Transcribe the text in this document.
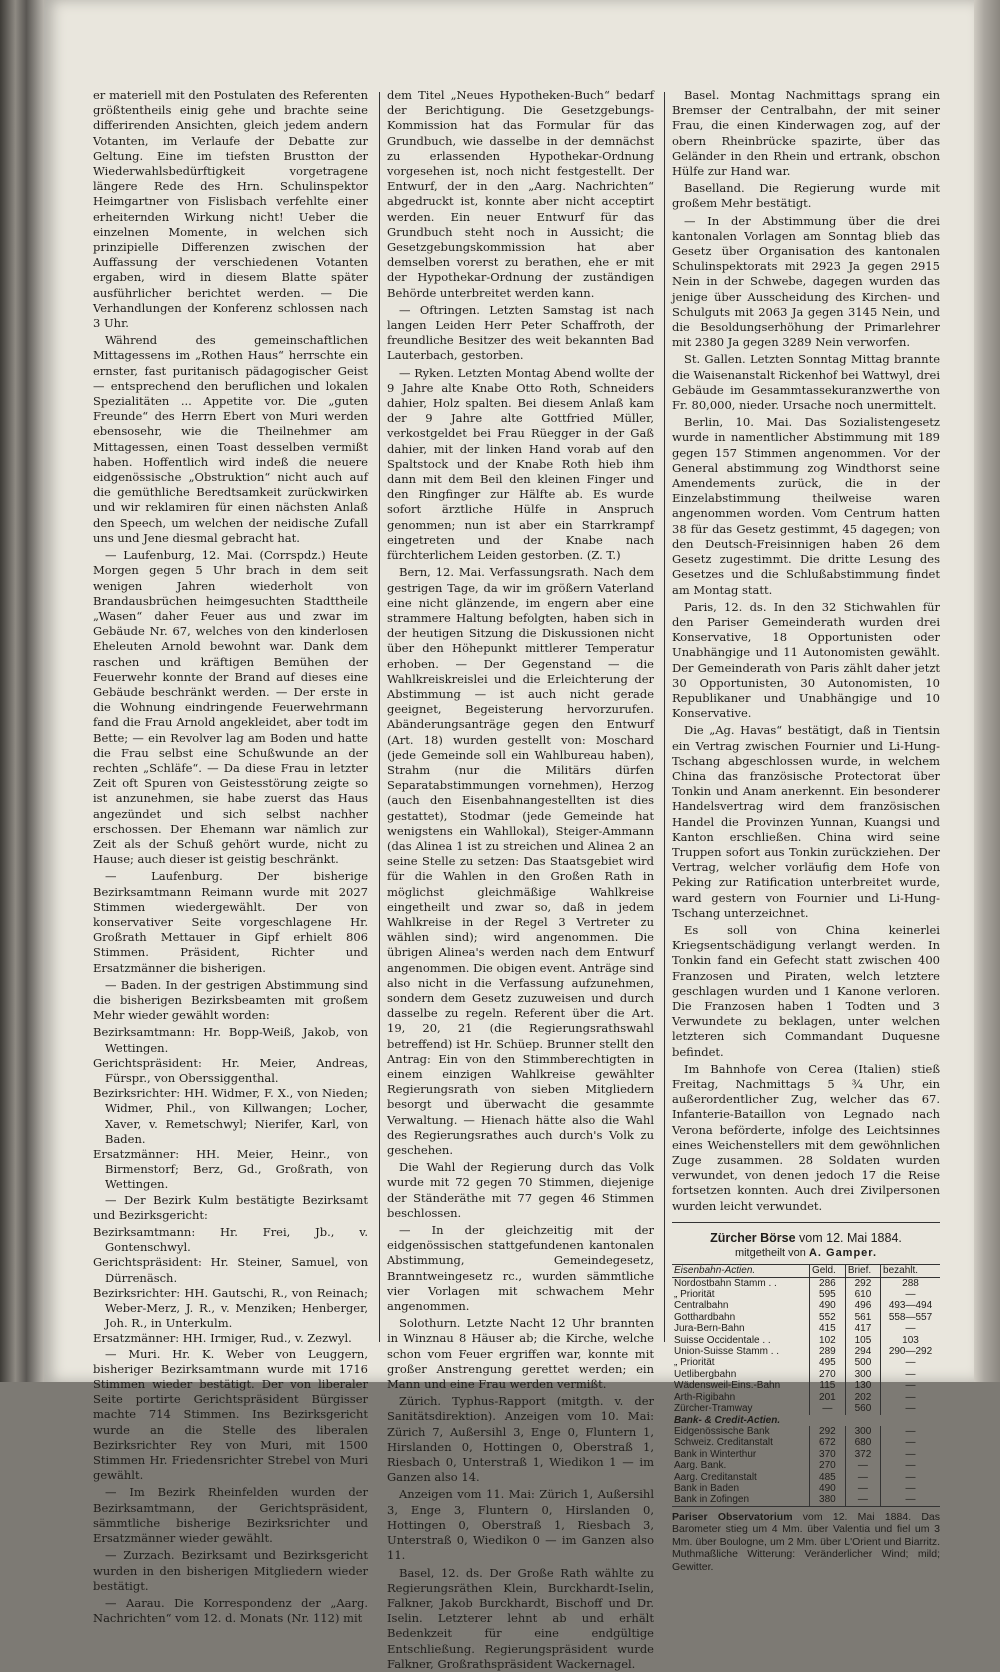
er materiell mit den Postulaten des Referenten größtentheils einig gehe und brachte seine differirenden Ansichten, gleich jedem andern Votanten, im Verlaufe der Debatte zur Geltung. Eine im tiefsten Brustton der Wiederwahlsbedürftigkeit vorgetragene längere Rede des Hrn. Schulinspektor Heimgartner von Fislisbach verfehlte einer erheiternden Wirkung nicht! Ueber die einzelnen Momente, in welchen sich prinzipielle Differenzen zwischen der Auffassung der verschiedenen Votanten ergaben, wird in diesem Blatte später ausführlicher berichtet werden. — Die Verhandlungen der Konferenz schlossen nach 3 Uhr.

Während des gemeinschaftlichen Mittagessens im „Rothen Haus“ herrschte ein ernster, fast puritanisch pädagogischer Geist — entsprechend den beruflichen und lokalen Spezialitäten ... Appetite vor. Die „guten Freunde“ des Herrn Ebert von Muri werden ebensosehr, wie die Theilnehmer am Mittagessen, einen Toast desselben vermißt haben. Hoffentlich wird indeß die neuere eidgenössische „Obstruktion“ nicht auch auf die gemüthliche Beredtsamkeit zurückwirken und wir reklamiren für einen nächsten Anlaß den Speech, um welchen der neidische Zufall uns und Jene diesmal gebracht hat.

— Laufenburg, 12. Mai. (Corrspdz.) Heute Morgen gegen 5 Uhr brach in dem seit wenigen Jahren wiederholt von Brandausbrüchen heimgesuchten Stadttheile „Wasen“ daher Feuer aus und zwar im Gebäude Nr. 67, welches von den kinderlosen Eheleuten Arnold bewohnt war. Dank dem raschen und kräftigen Bemühen der Feuerwehr konnte der Brand auf dieses eine Gebäude beschränkt werden. — Der erste in die Wohnung eindringende Feuerwehrmann fand die Frau Arnold angekleidet, aber todt im Bette; — ein Revolver lag am Boden und hatte die Frau selbst eine Schußwunde an der rechten „Schläfe“. — Da diese Frau in letzter Zeit oft Spuren von Geistesstörung zeigte so ist anzunehmen, sie habe zuerst das Haus angezündet und sich selbst nachher erschossen. Der Ehemann war nämlich zur Zeit als der Schuß gehört wurde, nicht zu Hause; auch dieser ist geistig beschränkt.

— Laufenburg. Der bisherige Bezirksamtmann Reimann wurde mit 2027 Stimmen wiedergewählt. Der von konservativer Seite vorgeschlagene Hr. Großrath Mettauer in Gipf erhielt 806 Stimmen. Präsident, Richter und Ersatzmänner die bisherigen.

— Baden. In der gestrigen Abstimmung sind die bisherigen Bezirksbeamten mit großem Mehr wieder gewählt worden:

Bezirksamtmann: Hr. Bopp-Weiß, Jakob, von Wettingen.

Gerichtspräsident: Hr. Meier, Andreas, Fürspr., von Oberssiggenthal.

Bezirksrichter: HH. Widmer, F. X., von Nieden; Widmer, Phil., von Killwangen; Locher, Xaver, v. Remetschwyl; Nierifer, Karl, von Baden.

Ersatzmänner: HH. Meier, Heinr., von Birmenstorf; Berz, Gd., Großrath, von Wettingen.

— Der Bezirk Kulm bestätigte Bezirksamt und Bezirksgericht:

Bezirksamtmann: Hr. Frei, Jb., v. Gontenschwyl.

Gerichtspräsident: Hr. Steiner, Samuel, von Dürrenäsch.

Bezirksrichter: HH. Gautschi, R., von Reinach; Weber-Merz, J. R., v. Menziken; Henberger, Joh. R., in Unterkulm.

Ersatzmänner: HH. Irmiger, Rud., v. Zezwyl.

— Muri. Hr. K. Weber von Leuggern, bisheriger Bezirksamtmann wurde mit 1716 Stimmen wieder bestätigt. Der von liberaler Seite portirte Gerichtspräsident Bürgisser machte 714 Stimmen. Ins Bezirksgericht wurde an die Stelle des liberalen Bezirksrichter Rey von Muri, mit 1500 Stimmen Hr. Friedensrichter Strebel von Muri gewählt.

— Im Bezirk Rheinfelden wurden der Bezirksamtmann, der Gerichtspräsident, sämmtliche bisherige Bezirksrichter und Ersatzmänner wieder gewählt.

— Zurzach. Bezirksamt und Bezirksgericht wurden in den bisherigen Mitgliedern wieder bestätigt.

— Aarau. Die Korrespondenz der „Aarg. Nachrichten“ vom 12. d. Monats (Nr. 112) mit

dem Titel „Neues Hypotheken-Buch“ bedarf der Berichtigung. Die Gesetzgebungs-Kommission hat das Formular für das Grundbuch, wie dasselbe in der demnächst zu erlassenden Hypothekar-Ordnung vorgesehen ist, noch nicht festgestellt. Der Entwurf, der in den „Aarg. Nachrichten“ abgedruckt ist, konnte aber nicht acceptirt werden. Ein neuer Entwurf für das Grundbuch steht noch in Aussicht; die Gesetzgebungskommission hat aber demselben vorerst zu berathen, ehe er mit der Hypothekar-Ordnung der zuständigen Behörde unterbreitet werden kann.

— Oftringen. Letzten Samstag ist nach langen Leiden Herr Peter Schaffroth, der freundliche Besitzer des weit bekannten Bad Lauterbach, gestorben.

— Ryken. Letzten Montag Abend wollte der 9 Jahre alte Knabe Otto Roth, Schneiders dahier, Holz spalten. Bei diesem Anlaß kam der 9 Jahre alte Gottfried Müller, verkostgeldet bei Frau Rüegger in der Gaß dahier, mit der linken Hand vorab auf den Spaltstock und der Knabe Roth hieb ihm dann mit dem Beil den kleinen Finger und den Ringfinger zur Hälfte ab. Es wurde sofort ärztliche Hülfe in Anspruch genommen; nun ist aber ein Starrkrampf eingetreten und der Knabe nach fürchterlichem Leiden gestorben. (Z. T.)

Bern, 12. Mai. Verfassungsrath. Nach dem gestrigen Tage, da wir im größern Vaterland eine nicht glänzende, im engern aber eine strammere Haltung befolgten, haben sich in der heutigen Sitzung die Diskussionen nicht über den Höhepunkt mittlerer Temperatur erhoben. — Der Gegenstand — die Wahlkreiskreislei und die Erleichterung der Abstimmung — ist auch nicht gerade geeignet, Begeisterung hervorzurufen. Abänderungsanträge gegen den Entwurf (Art. 18) wurden gestellt von: Moschard (jede Gemeinde soll ein Wahlbureau haben), Strahm (nur die Militärs dürfen Separatabstimmungen vornehmen), Herzog (auch den Eisenbahnangestellten ist dies gestattet), Stodmar (jede Gemeinde hat wenigstens ein Wahllokal), Steiger-Ammann (das Alinea 1 ist zu streichen und Alinea 2 an seine Stelle zu setzen: Das Staatsgebiet wird für die Wahlen in den Großen Rath in möglichst gleichmäßige Wahlkreise eingetheilt und zwar so, daß in jedem Wahlkreise in der Regel 3 Vertreter zu wählen sind); wird angenommen. Die übrigen Alinea's werden nach dem Entwurf angenommen. Die obigen event. Anträge sind also nicht in die Verfassung aufzunehmen, sondern dem Gesetz zuzuweisen und durch dasselbe zu regeln. Referent über die Art. 19, 20, 21 (die Regierungsrathswahl betreffend) ist Hr. Schüep. Brunner stellt den Antrag: Ein von den Stimmberechtigten in einem einzigen Wahlkreise gewählter Regierungsrath von sieben Mitgliedern besorgt und überwacht die gesammte Verwaltung. — Hienach hätte also die Wahl des Regierungsrathes auch durch's Volk zu geschehen.

Die Wahl der Regierung durch das Volk wurde mit 72 gegen 70 Stimmen, diejenige der Ständeräthe mit 77 gegen 46 Stimmen beschlossen.

— In der gleichzeitig mit der eidgenössischen stattgefundenen kantonalen Abstimmung, Gemeindegesetz, Branntweingesetz rc., wurden sämmtliche vier Vorlagen mit schwachem Mehr angenommen.

Solothurn. Letzte Nacht 12 Uhr brannten in Winznau 8 Häuser ab; die Kirche, welche schon vom Feuer ergriffen war, konnte mit großer Anstrengung gerettet werden; ein Mann und eine Frau werden vermißt.

Zürich. Typhus-Rapport (mitgth. v. der Sanitätsdirektion). Anzeigen vom 10. Mai: Zürich 7, Außersihl 3, Enge 0, Fluntern 1, Hirslanden 0, Hottingen 0, Oberstraß 1, Riesbach 0, Unterstraß 1, Wiedikon 1 — im Ganzen also 14.

Anzeigen vom 11. Mai: Zürich 1, Außersihl 3, Enge 3, Fluntern 0, Hirslanden 0, Hottingen 0, Oberstraß 1, Riesbach 3, Unterstraß 0, Wiedikon 0 — im Ganzen also 11.

Basel, 12. ds. Der Große Rath wählte zu Regierungsräthen Klein, Burckhardt-Iselin, Falkner, Jakob Burckhardt, Bischoff und Dr. Iselin. Letzterer lehnt ab und erhält Bedenkzeit für eine endgültige Entschließung. Regierungspräsident wurde Falkner, Großrathspräsident Wackernagel.

Basel. Montag Nachmittags sprang ein Bremser der Centralbahn, der mit seiner Frau, die einen Kinderwagen zog, auf der obern Rheinbrücke spazirte, über das Geländer in den Rhein und ertrank, obschon Hülfe zur Hand war.

Baselland. Die Regierung wurde mit großem Mehr bestätigt.

— In der Abstimmung über die drei kantonalen Vorlagen am Sonntag blieb das Gesetz über Organisation des kantonalen Schulinspektorats mit 2923 Ja gegen 2915 Nein in der Schwebe, dagegen wurden das jenige über Ausscheidung des Kirchen- und Schulguts mit 2063 Ja gegen 3145 Nein, und die Besoldungserhöhung der Primarlehrer mit 2380 Ja gegen 3289 Nein verworfen.

St. Gallen. Letzten Sonntag Mittag brannte die Waisenanstalt Rickenhof bei Wattwyl, drei Gebäude im Gesammtassekuranzwerthe von Fr. 80,000, nieder. Ursache noch unermittelt.

Berlin, 10. Mai. Das Sozialistengesetz wurde in namentlicher Abstimmung mit 189 gegen 157 Stimmen angenommen. Vor der General abstimmung zog Windthorst seine Amendements zurück, die in der Einzelabstimmung theilweise waren angenommen worden. Vom Centrum hatten 38 für das Gesetz gestimmt, 45 dagegen; von den Deutsch-Freisinnigen haben 26 dem Gesetz zugestimmt. Die dritte Lesung des Gesetzes und die Schlußabstimmung findet am Montag statt.

Paris, 12. ds. In den 32 Stichwahlen für den Pariser Gemeinderath wurden drei Konservative, 18 Opportunisten oder Unabhängige und 11 Autonomisten gewählt. Der Gemeinderath von Paris zählt daher jetzt 30 Opportunisten, 30 Autonomisten, 10 Republikaner und Unabhängige und 10 Konservative.

Die „Ag. Havas“ bestätigt, daß in Tientsin ein Vertrag zwischen Fournier und Li-Hung-Tschang abgeschlossen wurde, in welchem China das französische Protectorat über Tonkin und Anam anerkennt. Ein besonderer Handelsvertrag wird dem französischen Handel die Provinzen Yunnan, Kuangsi und Kanton erschließen. China wird seine Truppen sofort aus Tonkin zurückziehen. Der Vertrag, welcher vorläufig dem Hofe von Peking zur Ratification unterbreitet wurde, ward gestern von Fournier und Li-Hung-Tschang unterzeichnet.

Es soll von China keinerlei Kriegsentschädigung verlangt werden. In Tonkin fand ein Gefecht statt zwischen 400 Franzosen und Piraten, welch letztere geschlagen wurden und 1 Kanone verloren. Die Franzosen haben 1 Todten und 3 Verwundete zu beklagen, unter welchen letzteren sich Commandant Duquesne befindet.

Im Bahnhofe von Cerea (Italien) stieß Freitag, Nachmittags 5 ¾ Uhr, ein außerordentlicher Zug, welcher das 67. Infanterie-Bataillon von Legnado nach Verona beförderte, infolge des Leichtsinnes eines Weichenstellers mit dem gewöhnlichen Zuge zusammen. 28 Soldaten wurden verwundet, von denen jedoch 17 die Reise fortsetzen konnten. Auch drei Zivilpersonen wurden leicht verwundet.

Zürcher Börse vom 12. Mai 1884.
mitgetheilt von A. Gamper.
Eisenbahn-Actien.	Geld.	Brief.	bezahlt.
Nordostbahn Stamm . .	286	292	288
„ Priorität	595	610	—
Centralbahn	490	496	493—494
Gotthardbahn	552	561	558—557
Jura-Bern-Bahn	415	417	—
Suisse Occidentale . .	102	105	103
Union-Suisse Stamm . .	289	294	290—292
„ Priorität	495	500	—
Uetlibergbahn	270	300	—
Wädensweil-Eins.-Bahn	115	130	—
Arth-Rigibahn	201	202	—
Zürcher-Tramway	—	560	—
Bank- & Credit-Actien.			
Eidgenössische Bank	292	300	—
Schweiz. Creditanstalt	672	680	—
Bank in Winterthur	370	372	—
Aarg. Bank.	270	—	—
Aarg. Creditanstalt	485	—	—
Bank in Baden	490	—	—
Bank in Zofingen	380	—	—
Pariser Observatorium vom 12. Mai 1884. Das Barometer stieg um 4 Mm. über Valentia und fiel um 3 Mm. über Boulogne, um 2 Mm. über L'Orient und Biarritz. Muthmaßliche Witterung: Veränderlicher Wind; mild; Gewitter.
